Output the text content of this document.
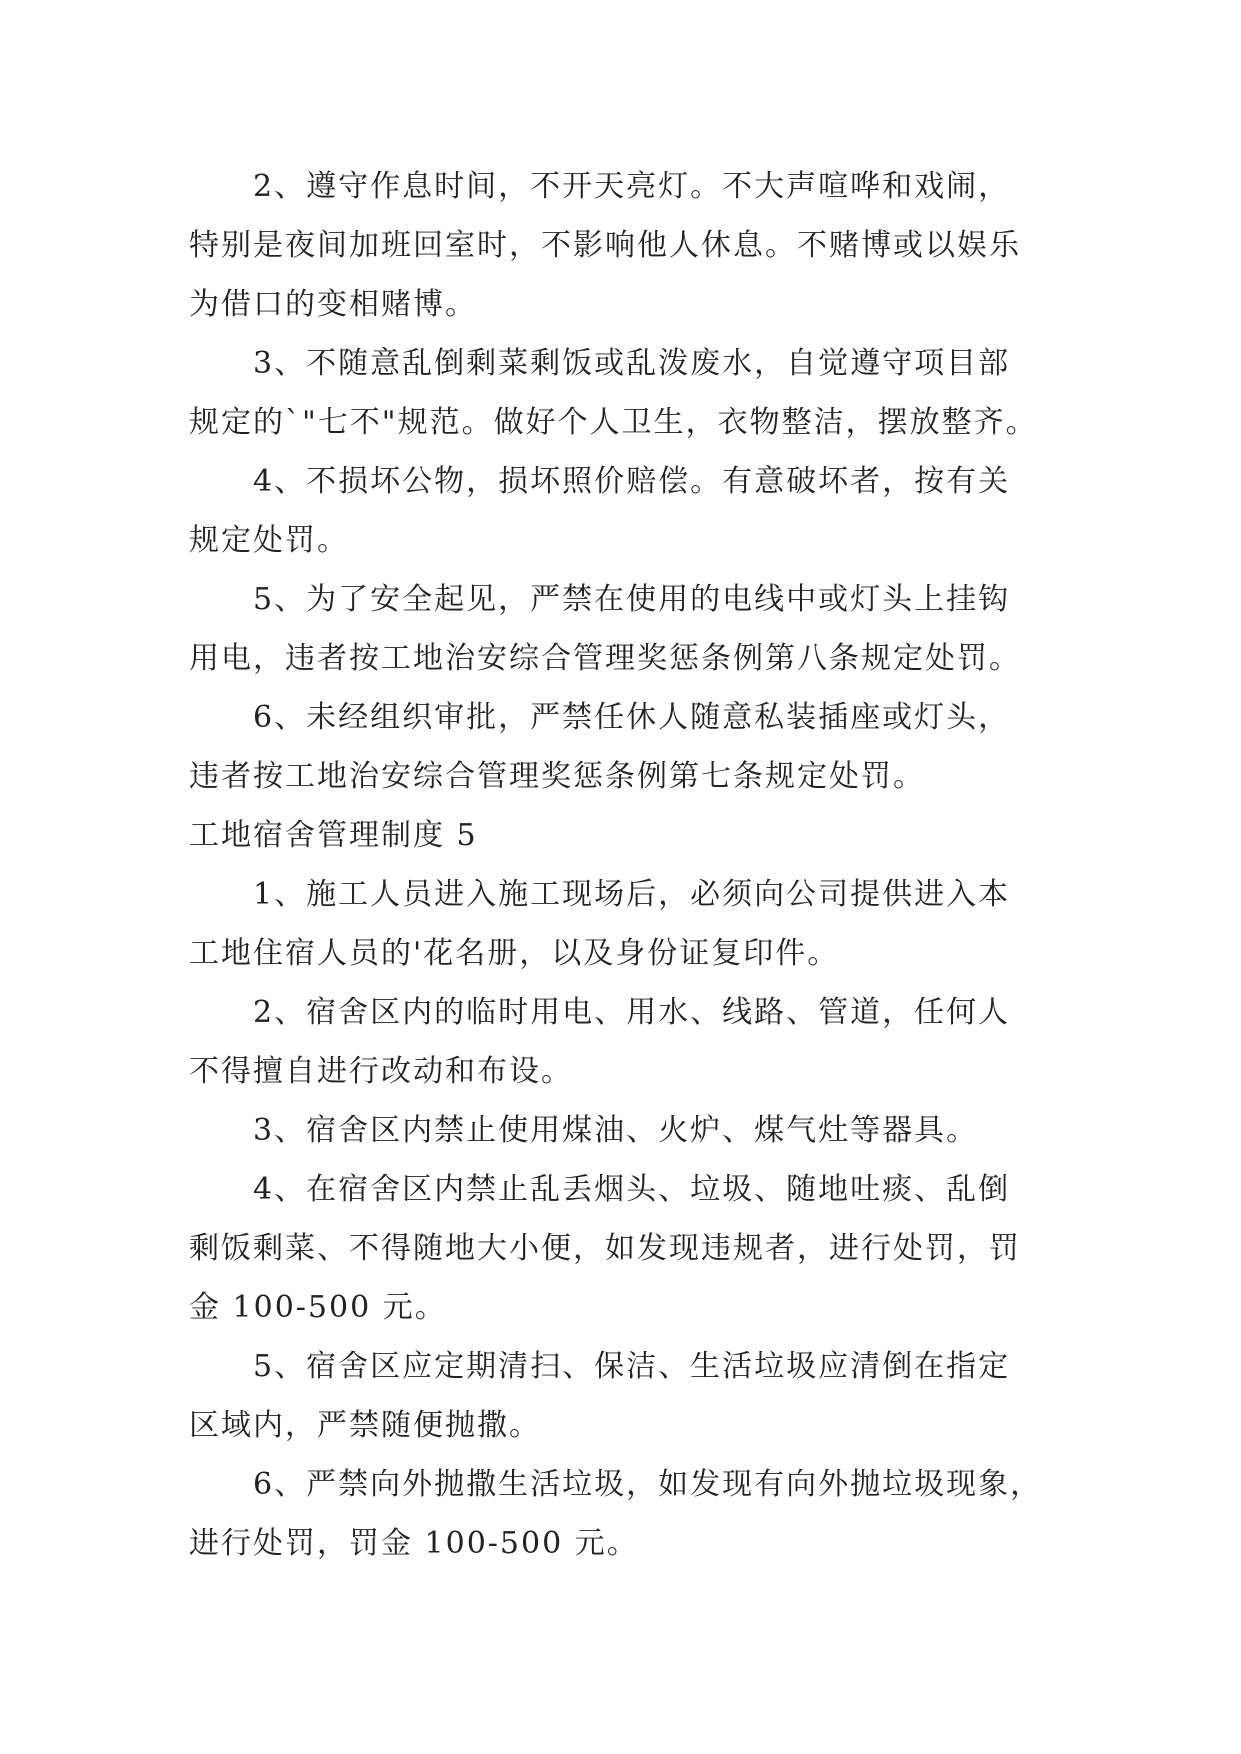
2、遵守作息时间，不开天亮灯。不大声喧哗和戏闹，
特别是夜间加班回室时，不影响他人休息。不赌博或以娱乐
为借口的变相赌博。
3、不随意乱倒剩菜剩饭或乱泼废水，自觉遵守项目部
规定的`"七不"规范。做好个人卫生，衣物整洁，摆放整齐。
4、不损坏公物，损坏照价赔偿。有意破坏者，按有关
规定处罚。
5、为了安全起见，严禁在使用的电线中或灯头上挂钩
用电，违者按工地治安综合管理奖惩条例第八条规定处罚。
6、未经组织审批，严禁任休人随意私装插座或灯头，
违者按工地治安综合管理奖惩条例第七条规定处罚。
工地宿舍管理制度 5
1、施工人员进入施工现场后，必须向公司提供进入本
工地住宿人员的'花名册，以及身份证复印件。
2、宿舍区内的临时用电、用水、线路、管道，任何人
不得擅自进行改动和布设。
3、宿舍区内禁止使用煤油、火炉、煤气灶等器具。
4、在宿舍区内禁止乱丢烟头、垃圾、随地吐痰、乱倒
剩饭剩菜、不得随地大小便，如发现违规者，进行处罚，罚
金 100-500 元。
5、宿舍区应定期清扫、保洁、生活垃圾应清倒在指定
区域内，严禁随便抛撒。
6、严禁向外抛撒生活垃圾，如发现有向外抛垃圾现象，
进行处罚，罚金 100-500 元。
